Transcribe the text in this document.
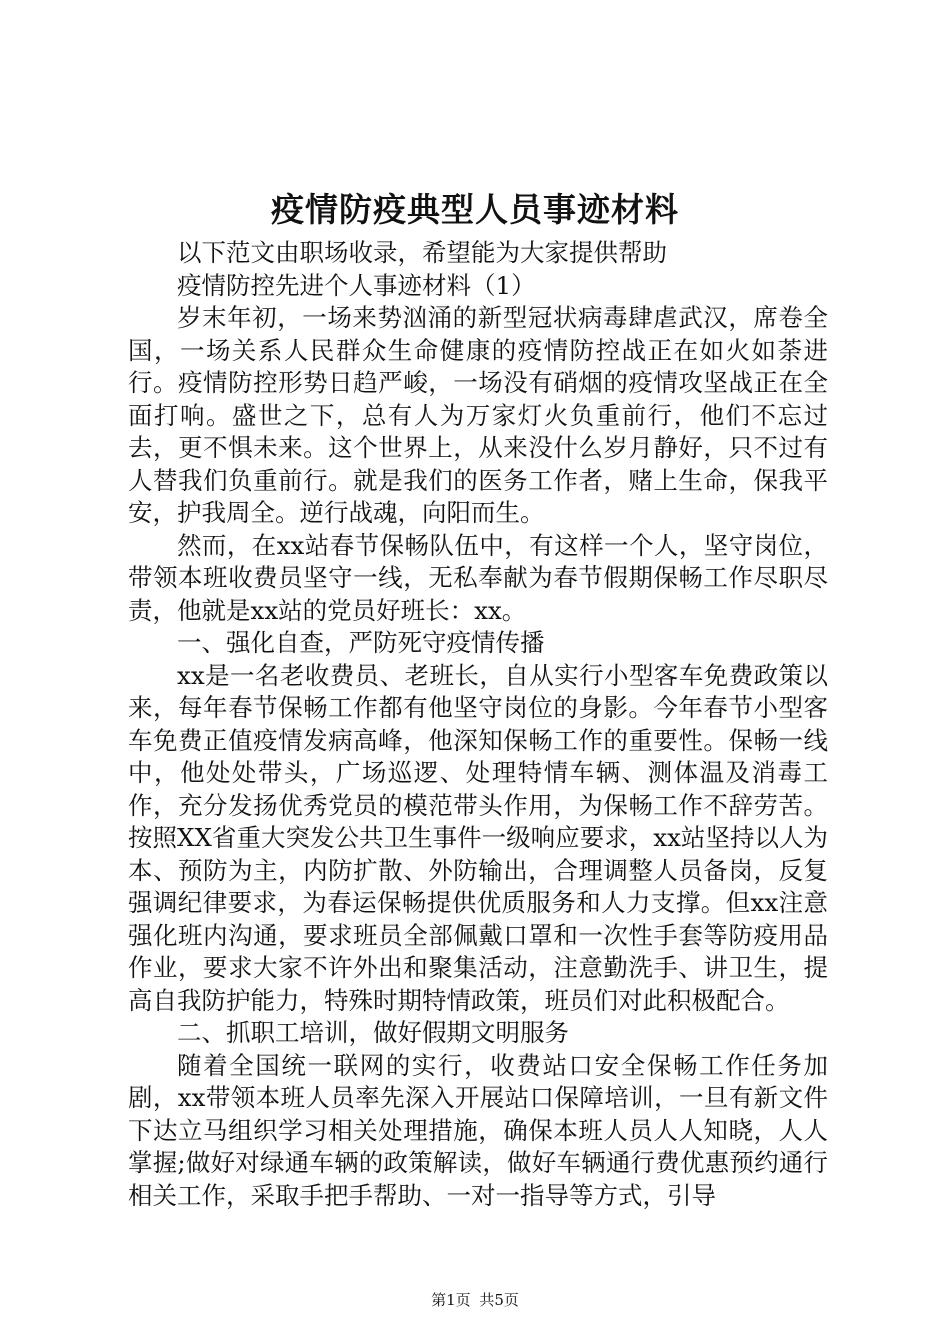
疫情防疫典型人员事迹材料

以下范文由职场收录，希望能为大家提供帮助

疫情防控先进个人事迹材料（1）

岁末年初，一场来势汹涌的新型冠状病毒肆虐武汉，席卷全国，一场关系人民群众生命健康的疫情防控战正在如火如荼进行。疫情防控形势日趋严峻，一场没有硝烟的疫情攻坚战正在全面打响。盛世之下，总有人为万家灯火负重前行，他们不忘过去，更不惧未来。这个世界上，从来没什么岁月静好，只不过有人替我们负重前行。就是我们的医务工作者，赌上生命，保我平安，护我周全。逆行战魂，向阳而生。

然而，在xx站春节保畅队伍中，有这样一个人，坚守岗位，带领本班收费员坚守一线，无私奉献为春节假期保畅工作尽职尽责，他就是xx站的党员好班长：xx。

一、强化自查，严防死守疫情传播

xx是一名老收费员、老班长，自从实行小型客车免费政策以来，每年春节保畅工作都有他坚守岗位的身影。今年春节小型客车免费正值疫情发病高峰，他深知保畅工作的重要性。保畅一线中，他处处带头，广场巡逻、处理特情车辆、测体温及消毒工作，充分发扬优秀党员的模范带头作用，为保畅工作不辞劳苦。按照XX省重大突发公共卫生事件一级响应要求，xx站坚持以人为本、预防为主，内防扩散、外防输出，合理调整人员备岗，反复强调纪律要求，为春运保畅提供优质服务和人力支撑。但xx注意强化班内沟通，要求班员全部佩戴口罩和一次性手套等防疫用品作业，要求大家不许外出和聚集活动，注意勤洗手、讲卫生，提高自我防护能力，特殊时期特情政策，班员们对此积极配合。

二、抓职工培训，做好假期文明服务

随着全国统一联网的实行，收费站口安全保畅工作任务加剧，xx带领本班人员率先深入开展站口保障培训，一旦有新文件下达立马组织学习相关处理措施，确保本班人员人人知晓，人人掌握;做好对绿通车辆的政策解读，做好车辆通行费优惠预约通行相关工作，采取手把手帮助、一对一指导等方式，引导

第1页 共5页
